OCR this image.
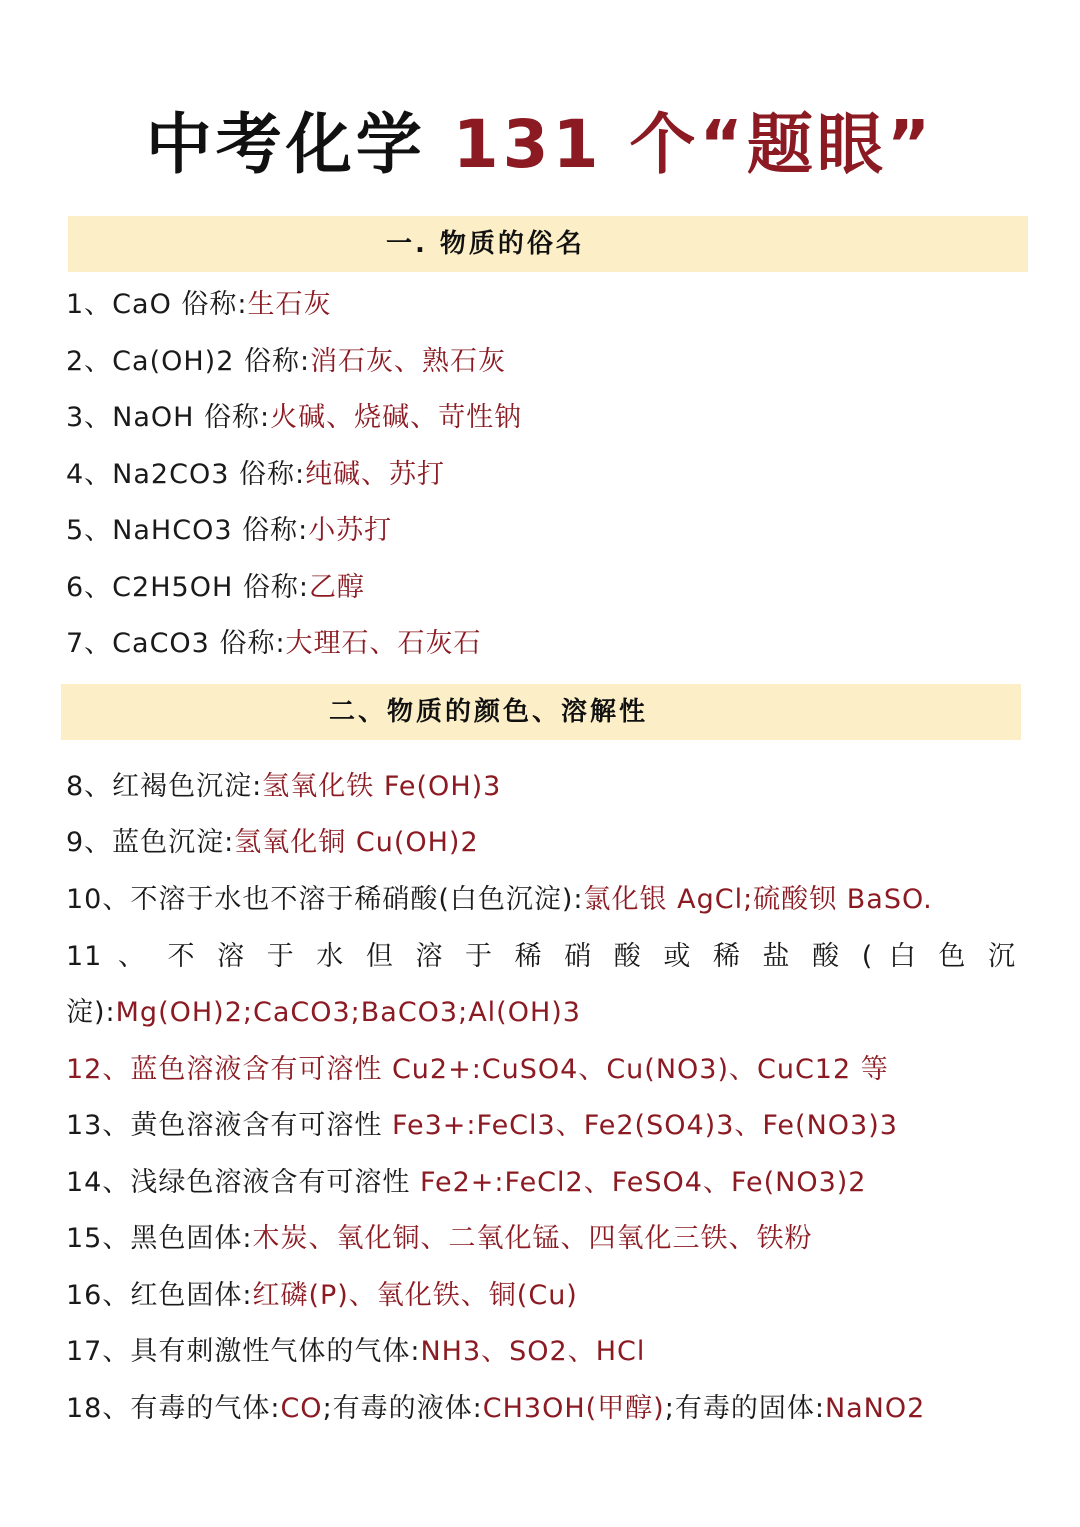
中考化学 131 个“题眼”
一. 物质的俗名
1、CaO 俗称:生石灰
2、Ca(OH)2 俗称:消石灰、熟石灰
3、NaOH 俗称:火碱、烧碱、苛性钠
4、Na2CO3 俗称:纯碱、苏打
5、NaHCO3 俗称:小苏打
6、C2H5OH 俗称:乙醇
7、CaCO3 俗称:大理石、石灰石
二、物质的颜色、溶解性
8、红褐色沉淀:氢氧化铁 Fe(OH)3
9、蓝色沉淀:氢氧化铜 Cu(OH)2
10、不溶于水也不溶于稀硝酸(白色沉淀):氯化银 AgCl;硫酸钡 BaSO.
11 、 不 溶 于 水 但 溶 于 稀 硝 酸 或 稀 盐 酸 ( 白 色 沉
淀):Mg(OH)2;CaCO3;BaCO3;Al(OH)3
12、蓝色溶液含有可溶性 Cu2+:CuSO4、Cu(NO3)、CuC12 等
13、黄色溶液含有可溶性 Fe3+:FeCl3、Fe2(SO4)3、Fe(NO3)3
14、浅绿色溶液含有可溶性 Fe2+:FeCl2、FeSO4、Fe(NO3)2
15、黑色固体:木炭、氧化铜、二氧化锰、四氧化三铁、铁粉
16、红色固体:红磷(P)、氧化铁、铜(Cu)
17、具有刺激性气体的气体:NH3、SO2、HCl
18、有毒的气体:CO;有毒的液体:CH3OH(甲醇);有毒的固体:NaNO2
